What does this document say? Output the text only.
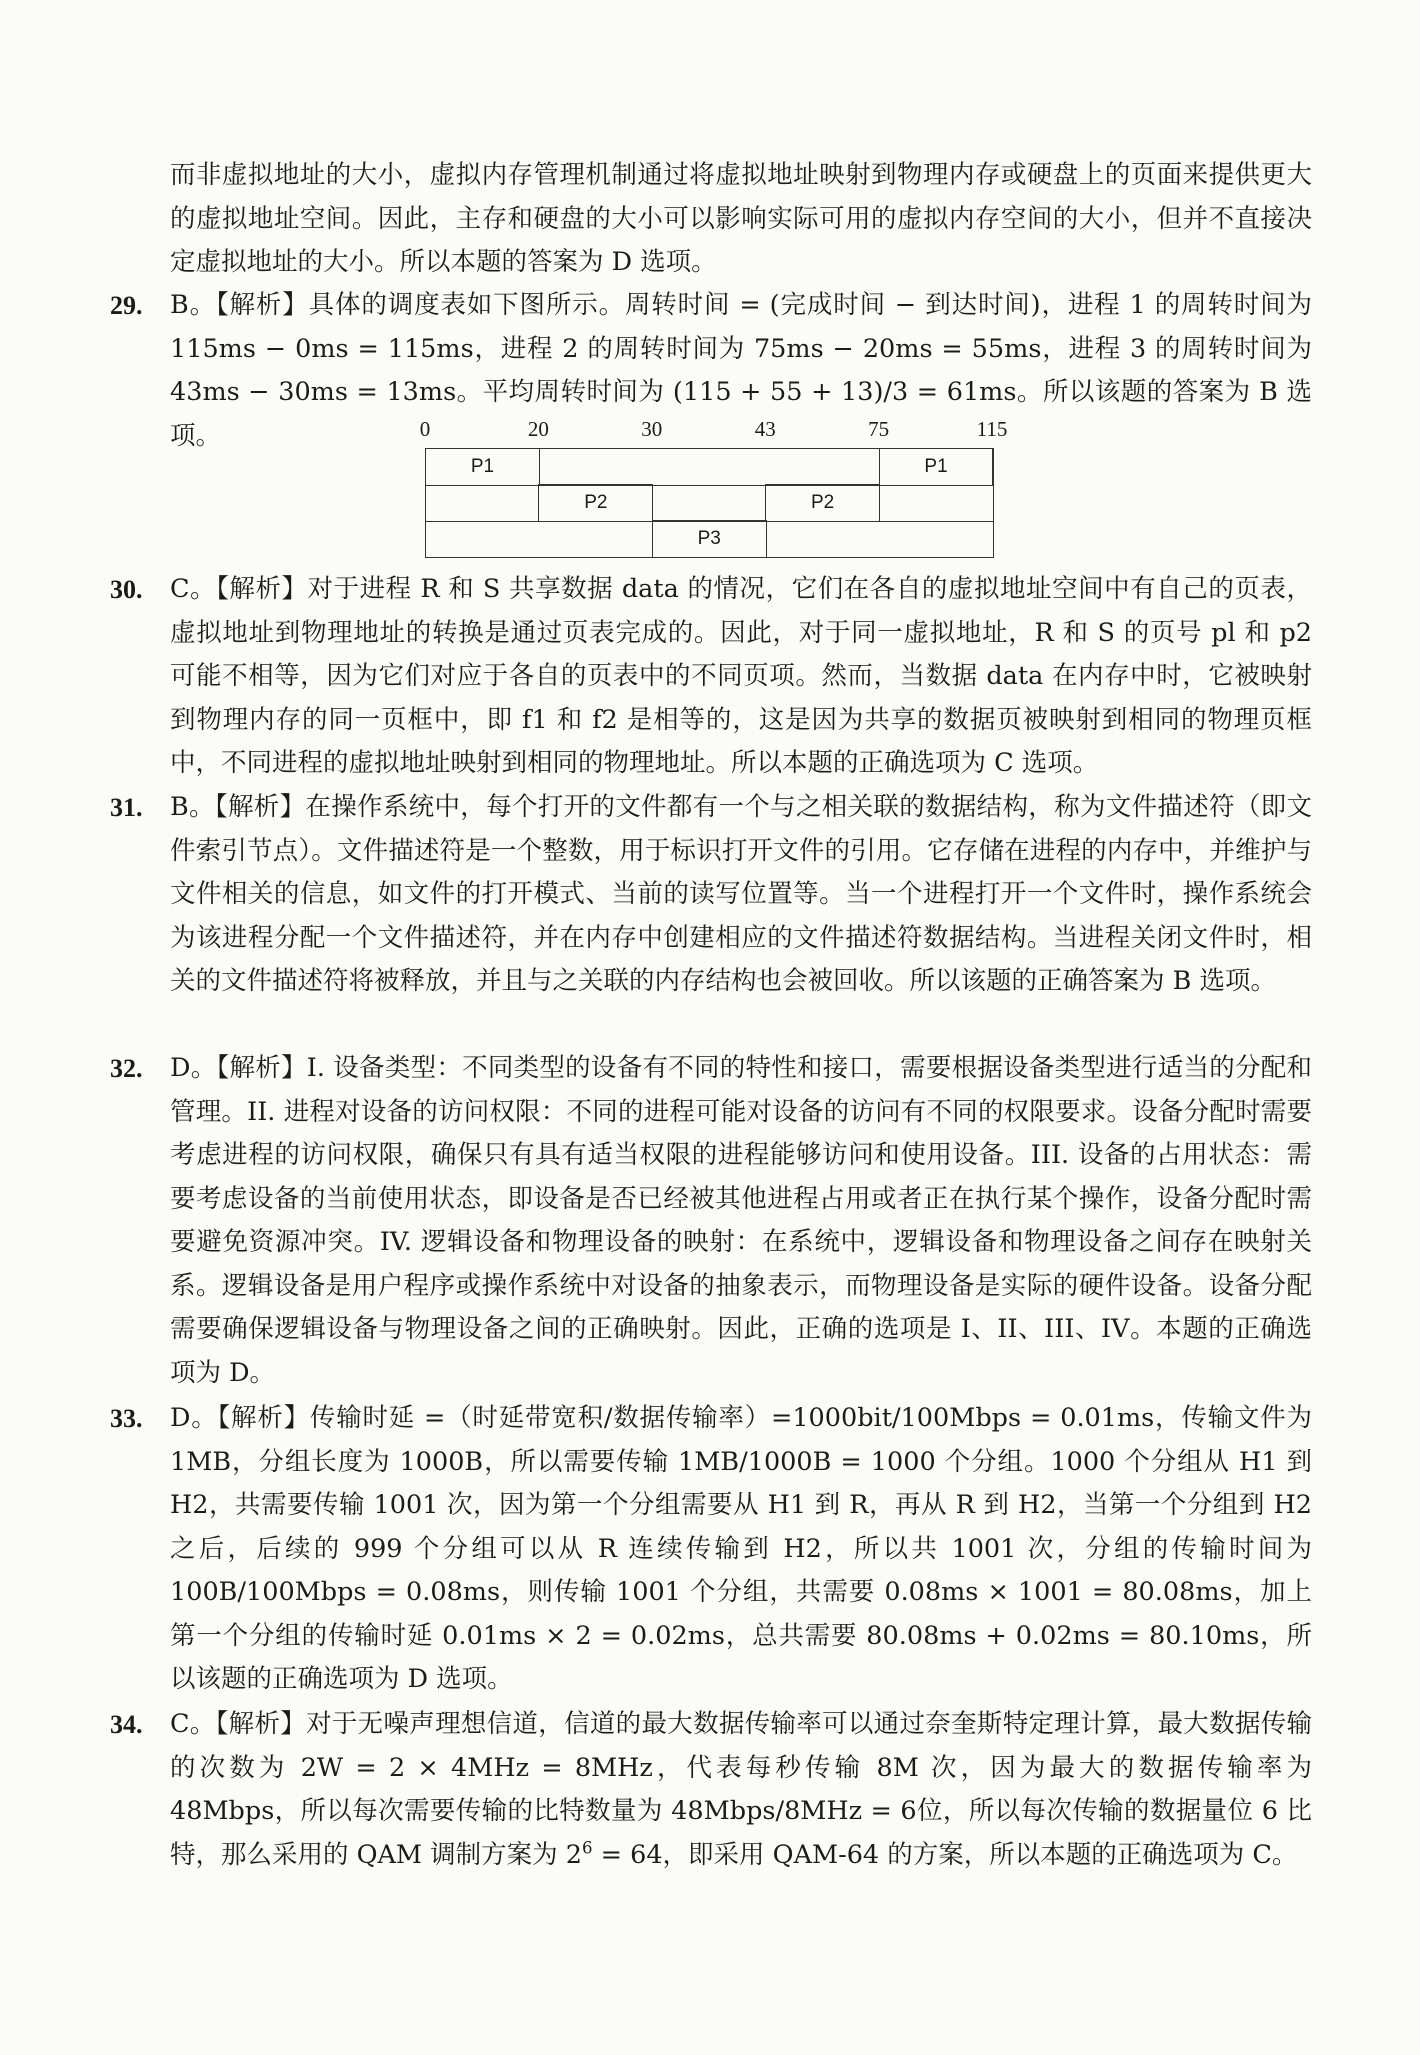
而非虚拟地址的大小，虚拟内存管理机制通过将虚拟地址映射到物理内存或硬盘上的页面来提供更大的虚拟地址空间。因此，主存和硬盘的大小可以影响实际可用的虚拟内存空间的大小，但并不直接决定虚拟地址的大小。所以本题的答案为 D 选项。

29. B。【解析】具体的调度表如下图所示。周转时间 = (完成时间 − 到达时间)，进程 1 的周转时间为 115ms − 0ms = 115ms，进程 2 的周转时间为 75ms − 20ms = 55ms，进程 3 的周转时间为 43ms − 30ms = 13ms。平均周转时间为 (115 + 55 + 13)/3 = 61ms。所以该题的答案为 B 选项。	0	20	30	43	75	115
P1	P1
P2	P2
P3
30. C。【解析】对于进程 R 和 S 共享数据 data 的情况，它们在各自的虚拟地址空间中有自己的页表，虚拟地址到物理地址的转换是通过页表完成的。因此，对于同一虚拟地址，R 和 S 的页号 pl 和 p2 可能不相等，因为它们对应于各自的页表中的不同页项。然而，当数据 data 在内存中时，它被映射到物理内存的同一页框中，即 f1 和 f2 是相等的，这是因为共享的数据页被映射到相同的物理页框中，不同进程的虚拟地址映射到相同的物理地址。所以本题的正确选项为 C 选项。

31. B。【解析】在操作系统中，每个打开的文件都有一个与之相关联的数据结构，称为文件描述符（即文件索引节点）。文件描述符是一个整数，用于标识打开文件的引用。它存储在进程的内存中，并维护与文件相关的信息，如文件的打开模式、当前的读写位置等。当一个进程打开一个文件时，操作系统会为该进程分配一个文件描述符，并在内存中创建相应的文件描述符数据结构。当进程关闭文件时，相关的文件描述符将被释放，并且与之关联的内存结构也会被回收。所以该题的正确答案为 B 选项。

32. D。【解析】I. 设备类型：不同类型的设备有不同的特性和接口，需要根据设备类型进行适当的分配和管理。II. 进程对设备的访问权限：不同的进程可能对设备的访问有不同的权限要求。设备分配时需要考虑进程的访问权限，确保只有具有适当权限的进程能够访问和使用设备。III. 设备的占用状态：需要考虑设备的当前使用状态，即设备是否已经被其他进程占用或者正在执行某个操作，设备分配时需要避免资源冲突。IV. 逻辑设备和物理设备的映射：在系统中，逻辑设备和物理设备之间存在映射关系。逻辑设备是用户程序或操作系统中对设备的抽象表示，而物理设备是实际的硬件设备。设备分配需要确保逻辑设备与物理设备之间的正确映射。因此，正确的选项是 I、II、III、IV。本题的正确选项为 D。

33. D。【解析】传输时延 =（时延带宽积/数据传输率）=1000bit/100Mbps = 0.01ms，传输文件为 1MB，分组长度为 1000B，所以需要传输 1MB/1000B = 1000 个分组。1000 个分组从 H1 到 H2，共需要传输 1001 次，因为第一个分组需要从 H1 到 R，再从 R 到 H2，当第一个分组到 H2 之后，后续的 999 个分组可以从 R 连续传输到 H2，所以共 1001 次，分组的传输时间为 100B/100Mbps = 0.08ms，则传输 1001 个分组，共需要 0.08ms × 1001 = 80.08ms，加上第一个分组的传输时延 0.01ms × 2 = 0.02ms，总共需要 80.08ms + 0.02ms = 80.10ms，所以该题的正确选项为 D 选项。

34. C。【解析】对于无噪声理想信道，信道的最大数据传输率可以通过奈奎斯特定理计算，最大数据传输的次数为 2W = 2 × 4MHz = 8MHz，代表每秒传输 8M 次，因为最大的数据传输率为 48Mbps，所以每次需要传输的比特数量为 48Mbps/8MHz = 6位，所以每次传输的数据量位 6 比特，那么采用的 QAM 调制方案为 $2^6 = 64$，即采用 QAM-64 的方案，所以本题的正确选项为 C。
